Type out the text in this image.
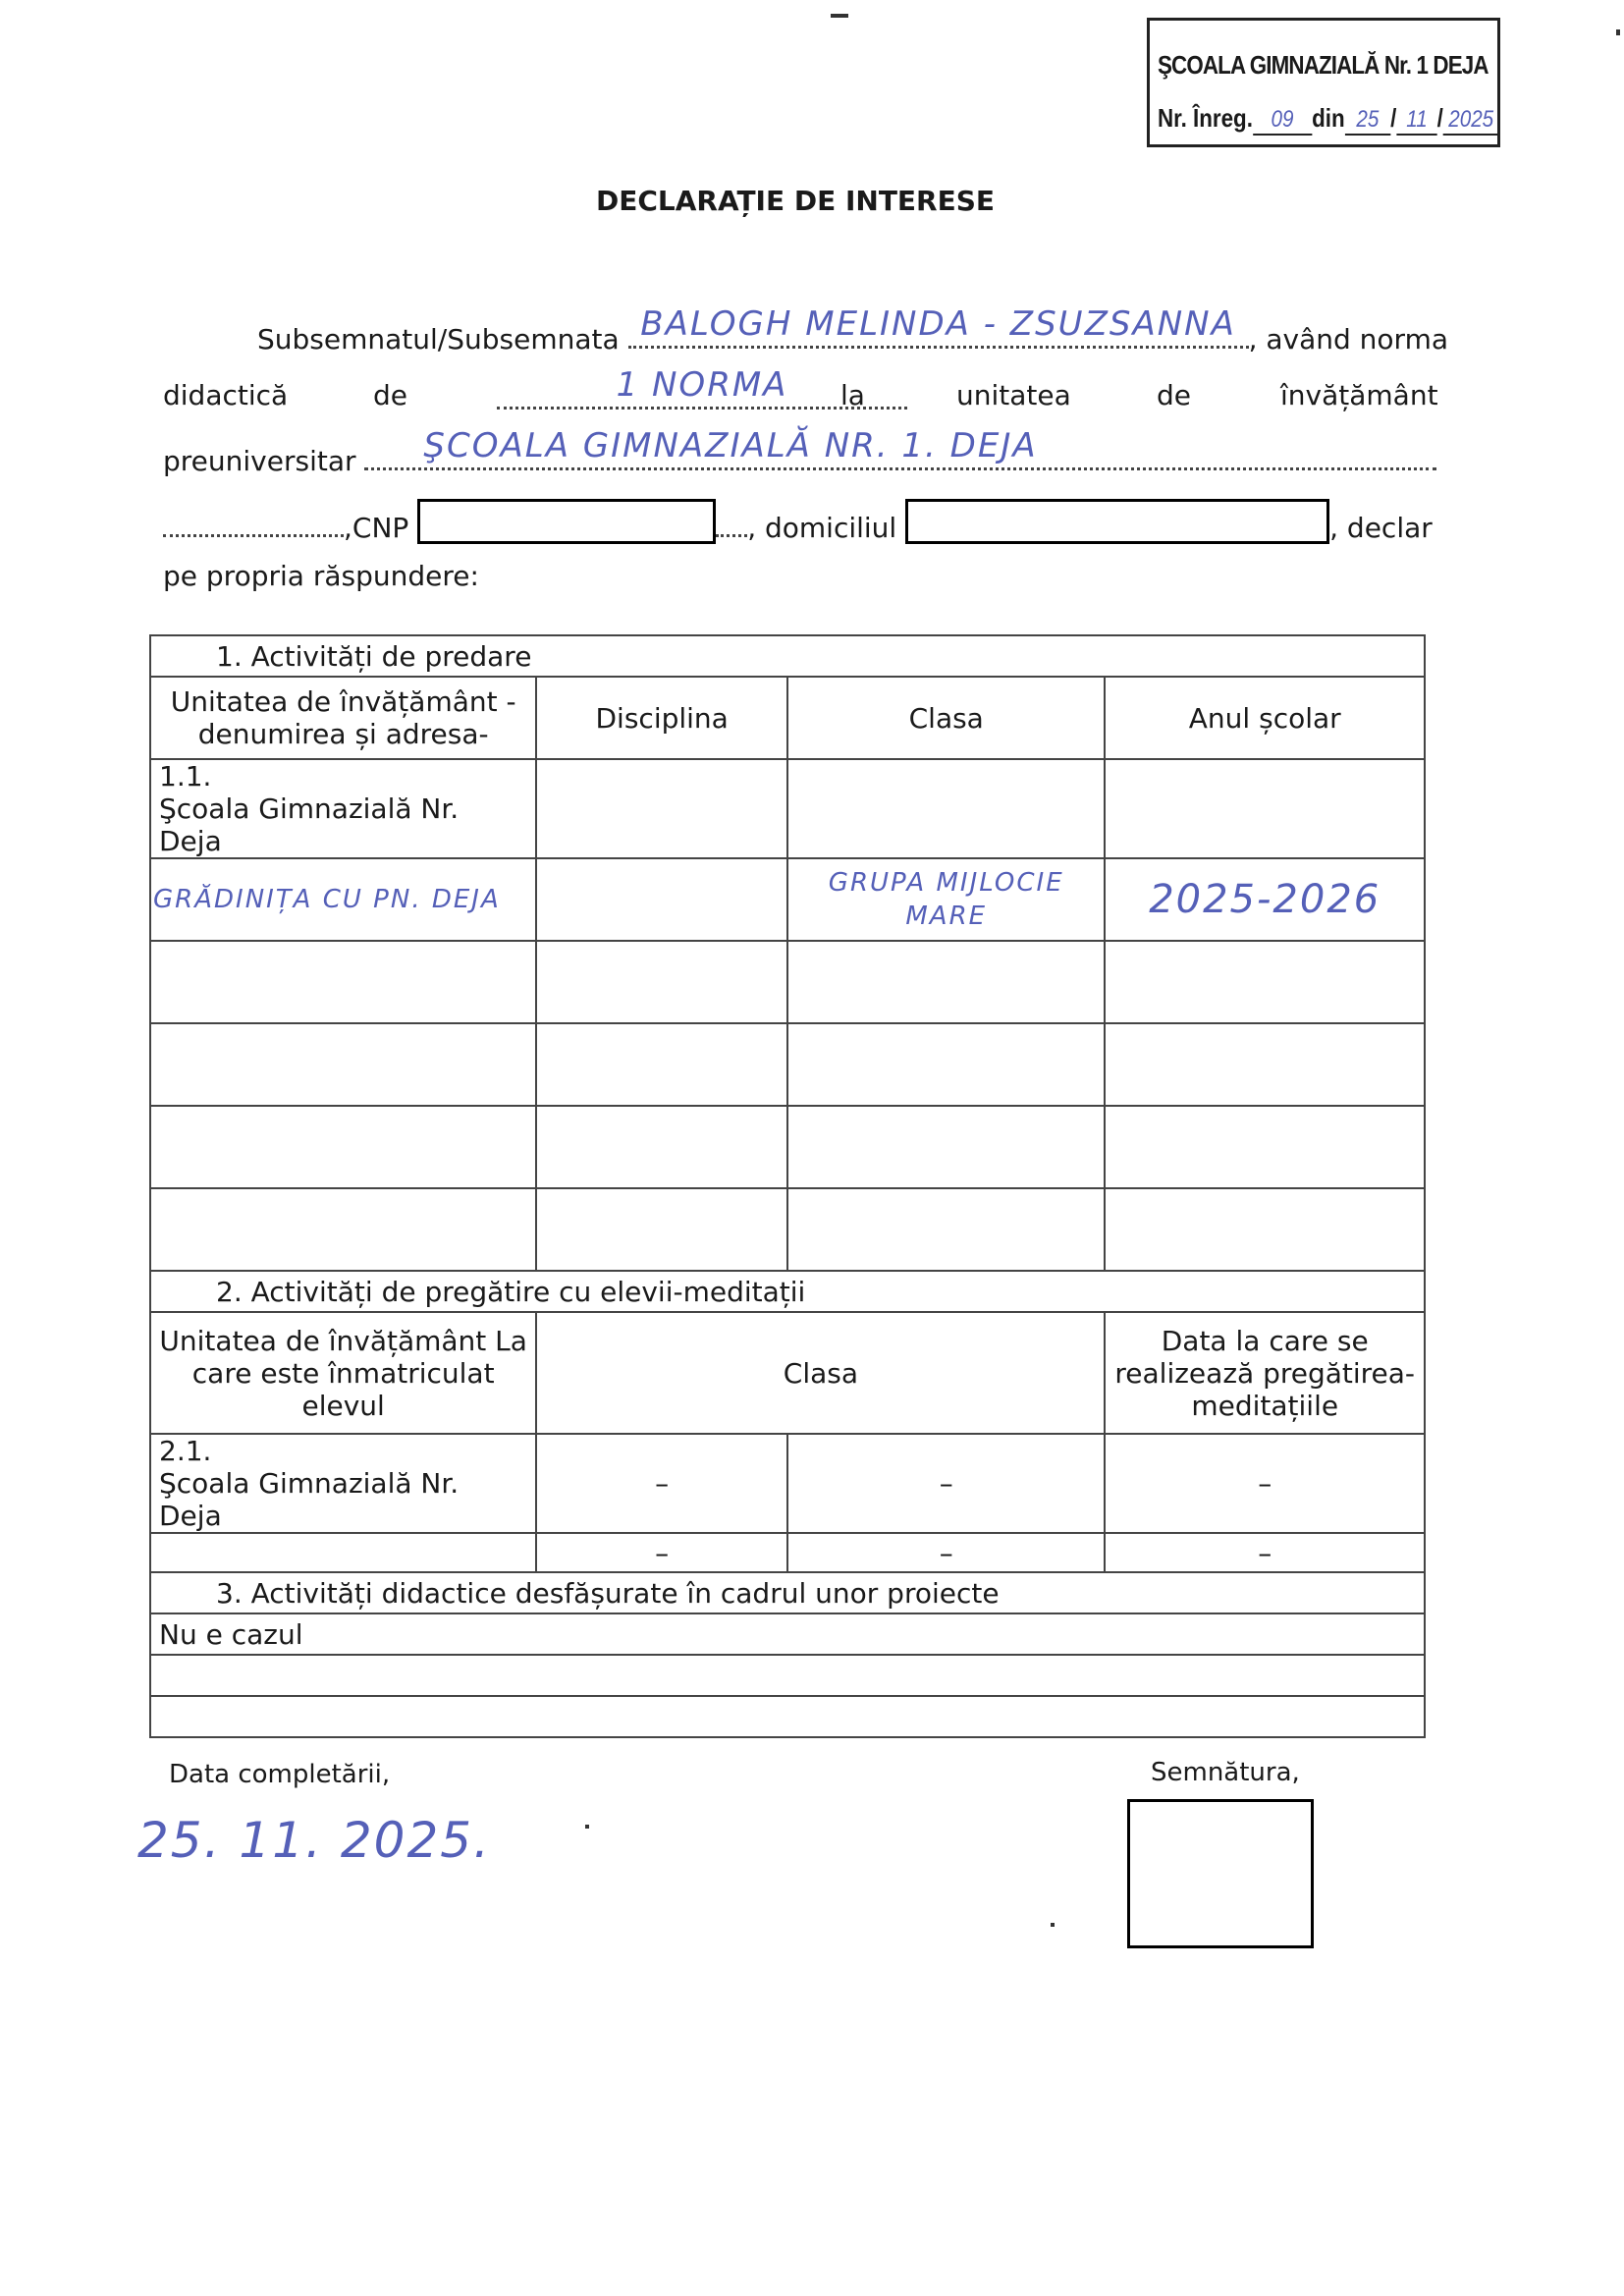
ŞCOALA GIMNAZIALĂ Nr. 1 DEJA
Nr. Înreg. 09 din 25 / 11 / 2025
DECLARAȚIE DE INTERESE
Subsemnatul/Subsemnata BALOGH MELINDA - ZSUZSANNA , având norma
didactică	de	1 NORMA	la	unitatea	de	învățământ
preuniversitar ŞCOALA GIMNAZIALĂ NR. 1. DEJA
,CNP	, domiciliul	, declar
pe propria răspundere:
1. Activități de predare			
Unitatea de învățământ -denumirea și adresa-	Disciplina	Clasa	Anul școlar

1.1.
Şcoala Gimnazială Nr. Deja			

GRĂDINIȚA CU PN. DEJA		GRUPA MIJLOCIE MARE	2025-2026

2. Activități de pregătire cu elevii-meditații			
Unitatea de învățământ La care este înmatriculat elevul	Clasa		Data la care se realizează pregătirea-meditațiile

2.1.
Şcoala Gimnazială Nr. Deja	–	–	–
	–	–	–
3. Activități didactice desfășurate în cadrul unor proiecte			
Nu e cazul			

Data completării,
25. 11. 2025.
Semnătura,
